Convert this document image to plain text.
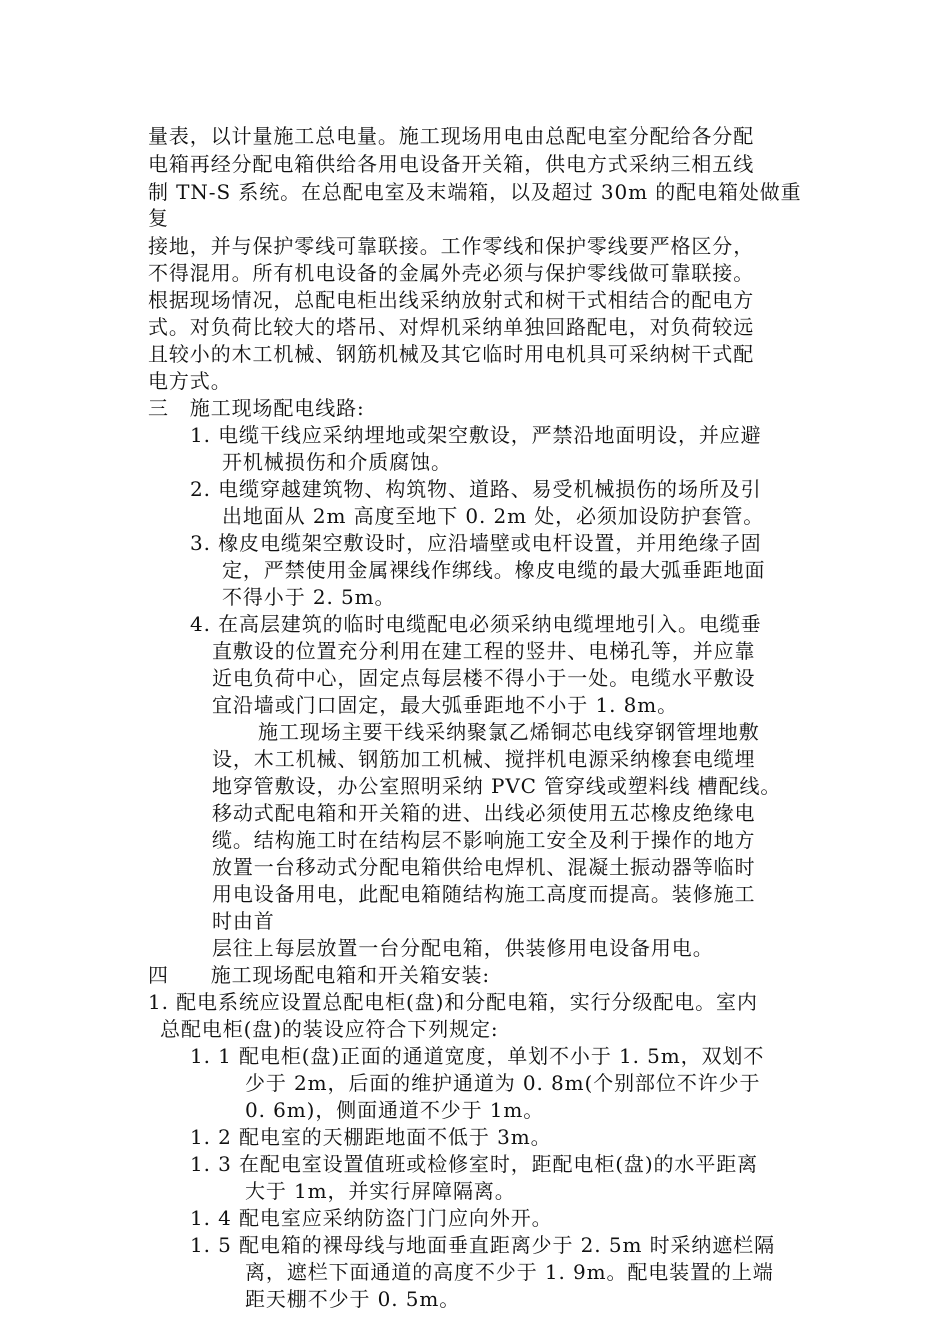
量表，以计量施工总电量。施工现场用电由总配电室分配给各分配
电箱再经分配电箱供给各用电设备开关箱，供电方式采纳三相五线
制 TN-S 系统。在总配电室及末端箱，以及超过 30m 的配电箱处做重
复
接地，并与保护零线可靠联接。工作零线和保护零线要严格区分，
不得混用。所有机电设备的金属外壳必须与保护零线做可靠联接。
根据现场情况，总配电柜出线采纳放射式和树干式相结合的配电方
式。对负荷比较大的塔吊、对焊机采纳单独回路配电，对负荷较远
且较小的木工机械、钢筋机械及其它临时用电机具可采纳树干式配
电方式。
三　施工现场配电线路:
1. 电缆干线应采纳埋地或架空敷设，严禁沿地面明设，并应避
开机械损伤和介质腐蚀。
2. 电缆穿越建筑物、构筑物、道路、易受机械损伤的场所及引
出地面从 2m 高度至地下 0. 2m 处，必须加设防护套管。
3. 橡皮电缆架空敷设时，应沿墙壁或电杆设置，并用绝缘子固
定，严禁使用金属裸线作绑线。橡皮电缆的最大弧垂距地面
不得小于 2. 5m。
4. 在高层建筑的临时电缆配电必须采纳电缆埋地引入。电缆垂
直敷设的位置充分利用在建工程的竖井、电梯孔等，并应靠
近电负荷中心，固定点每层楼不得小于一处。电缆水平敷设
宜沿墙或门口固定，最大弧垂距地不小于 1. 8m。
施工现场主要干线采纳聚氯乙烯铜芯电线穿钢管埋地敷
设，木工机械、钢筋加工机械、搅拌机电源采纳橡套电缆埋
地穿管敷设，办公室照明采纳 PVC 管穿线或塑料线 槽配线。
移动式配电箱和开关箱的进、出线必须使用五芯橡皮绝缘电
缆。结构施工时在结构层不影响施工安全及利于操作的地方
放置一台移动式分配电箱供给电焊机、混凝土振动器等临时
用电设备用电，此配电箱随结构施工高度而提高。装修施工
时由首
层往上每层放置一台分配电箱，供装修用电设备用电。
四　　施工现场配电箱和开关箱安装:
1. 配电系统应设置总配电柜(盘)和分配电箱，实行分级配电。室内
总配电柜(盘)的装设应符合下列规定:
1. 1 配电柜(盘)正面的通道宽度，单划不小于 1. 5m，双划不
少于 2m，后面的维护通道为 0. 8m(个别部位不许少于
0. 6m)，侧面通道不少于 1m。
1. 2 配电室的天棚距地面不低于 3m。
1. 3 在配电室设置值班或检修室时，距配电柜(盘)的水平距离
大于 1m，并实行屏障隔离。
1. 4 配电室应采纳防盗门门应向外开。
1. 5 配电箱的裸母线与地面垂直距离少于 2. 5m 时采纳遮栏隔
离，遮栏下面通道的高度不少于 1. 9m。配电装置的上端
距天棚不少于 0. 5m。
